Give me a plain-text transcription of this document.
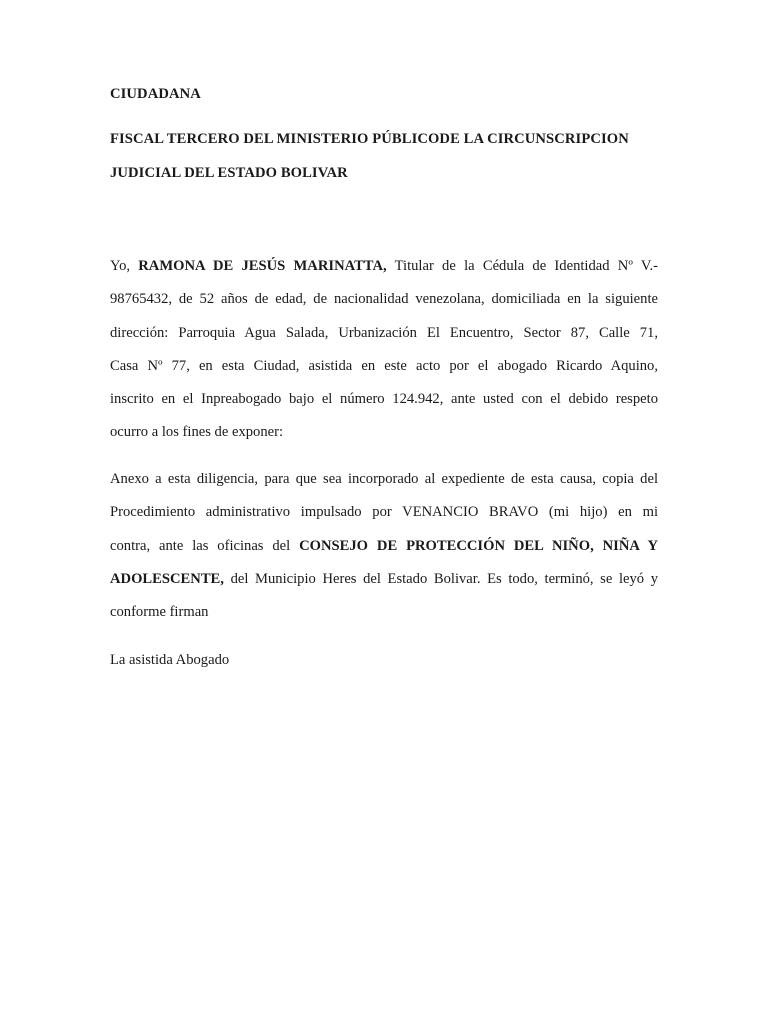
CIUDADANA
FISCAL TERCERO DEL MINISTERIO PÚBLICODE LA CIRCUNSCRIPCION
JUDICIAL DEL ESTADO BOLIVAR
Yo, RAMONA DE JESÚS MARINATTA, Titular de la Cédula de Identidad Nº V.-
98765432, de 52 años de edad, de nacionalidad venezolana, domiciliada en la siguiente
dirección: Parroquia Agua Salada, Urbanización El Encuentro, Sector 87, Calle 71,
Casa Nº 77, en esta Ciudad, asistida en este acto por el abogado Ricardo Aquino,
inscrito en el Inpreabogado bajo el número 124.942, ante usted con el debido respeto
ocurro a los fines de exponer:
Anexo a esta diligencia, para que sea incorporado al expediente de esta causa, copia del
Procedimiento administrativo impulsado por VENANCIO BRAVO (mi hijo) en mi
contra, ante las oficinas del CONSEJO DE PROTECCIÓN DEL NIÑO, NIÑA Y
ADOLESCENTE, del Municipio Heres del Estado Bolivar. Es todo, terminó, se leyó y
conforme firman
La asistida Abogado
